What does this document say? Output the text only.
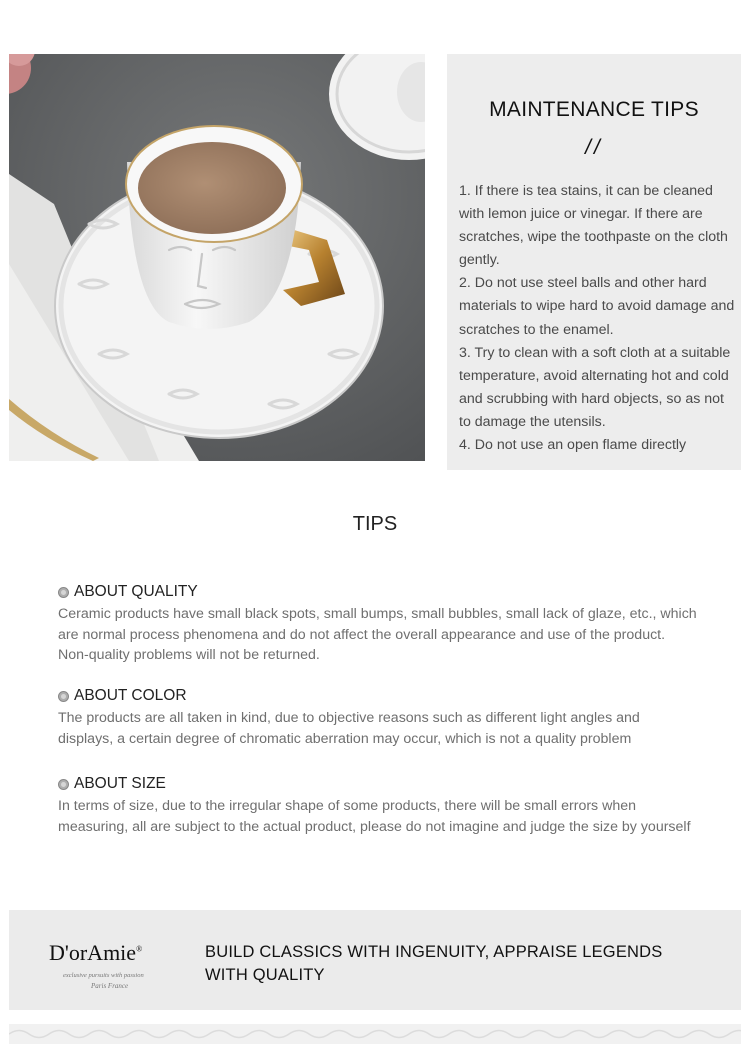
MAINTENANCE TIPS
//
1. If there is tea stains, it can be cleaned with lemon juice or vinegar. If there are scratches, wipe the toothpaste on the cloth gently.
2. Do not use steel balls and other hard materials to wipe hard to avoid damage and scratches to the enamel.
3. Try to clean with a soft cloth at a suitable temperature, avoid alternating hot and cold and scrubbing with hard objects, so as not to damage the utensils.
4. Do not use an open flame directly
TIPS
ABOUT QUALITY
Ceramic products have small black spots, small bumps, small bubbles, small lack of glaze, etc., which are normal process phenomena and do not affect the overall appearance and use of the product. Non-quality problems will not be returned.
ABOUT COLOR
The products are all taken in kind, due to objective reasons such as different light angles and displays, a certain degree of chromatic aberration may occur, which is not a quality problem
ABOUT SIZE
In terms of size, due to the irregular shape of some products, there will be small errors when measuring, all are subject to the actual product, please do not imagine and judge the size by yourself
D'orAmie®
exclusive pursuits with passion
Paris France
BUILD CLASSICS WITH INGENUITY, APPRAISE LEGENDS WITH QUALITY
